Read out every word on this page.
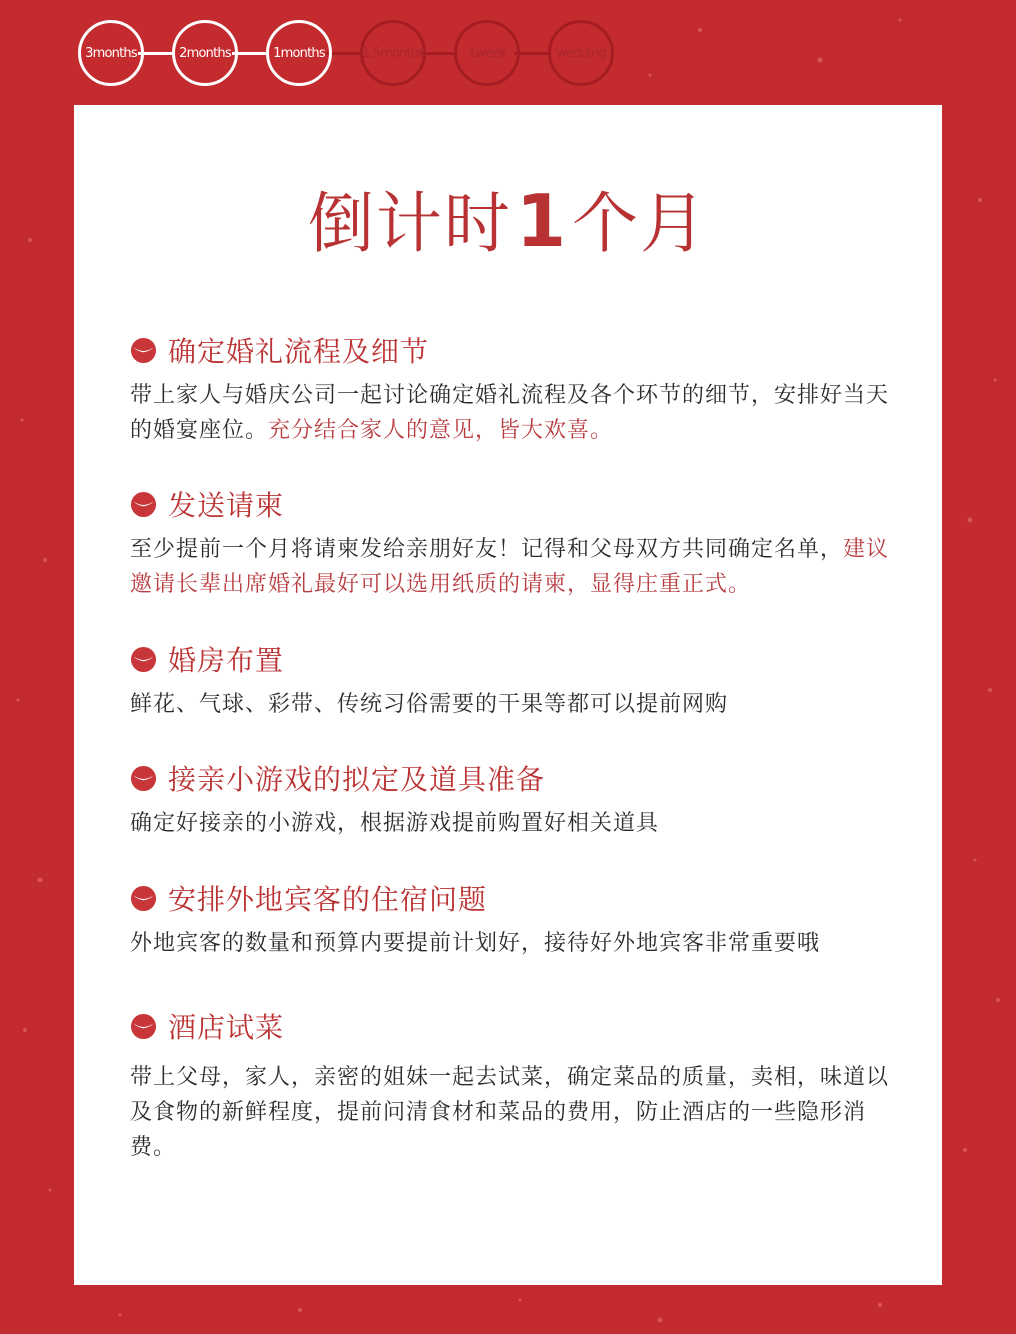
3months	2months	1months	1.5months	1week	wedding
倒计时1个月
确定婚礼流程及细节
带上家人与婚庆公司一起讨论确定婚礼流程及各个环节的细节，安排好当天的婚宴座位。充分结合家人的意见，皆大欢喜。
发送请柬
至少提前一个月将请柬发给亲朋好友！记得和父母双方共同确定名单，建议邀请长辈出席婚礼最好可以选用纸质的请柬，显得庄重正式。
婚房布置
鲜花、气球、彩带、传统习俗需要的干果等都可以提前网购
接亲小游戏的拟定及道具准备
确定好接亲的小游戏，根据游戏提前购置好相关道具
安排外地宾客的住宿问题
外地宾客的数量和预算内要提前计划好，接待好外地宾客非常重要哦
酒店试菜
带上父母，家人，亲密的姐妹一起去试菜，确定菜品的质量，卖相，味道以及食物的新鲜程度，提前问清食材和菜品的费用，防止酒店的一些隐形消费。
